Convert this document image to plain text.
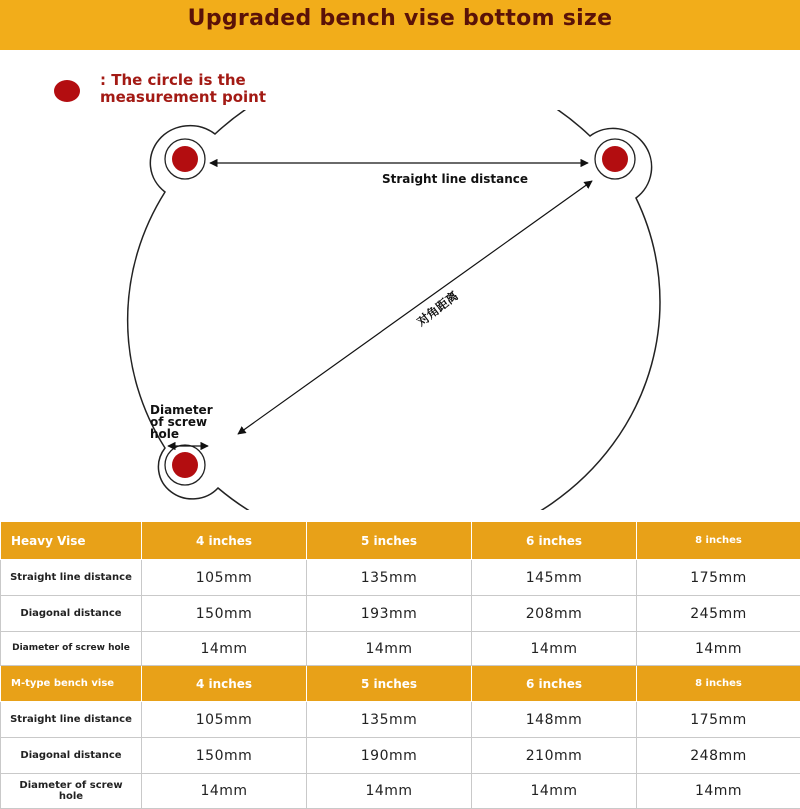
Upgraded bench vise bottom size
: The circle is the measurement point
Straight line distance
对角距离
Diameter
of screw
hole
Heavy Vise	4 inches	5 inches	6 inches	8 inches
Straight line distance	105mm	135mm	145mm	175mm
Diagonal distance	150mm	193mm	208mm	245mm
Diameter of screw hole	14mm	14mm	14mm	14mm
M-type bench vise	4 inches	5 inches	6 inches	8 inches
Straight line distance	105mm	135mm	148mm	175mm
Diagonal distance	150mm	190mm	210mm	248mm
Diameter of screw hole	14mm	14mm	14mm	14mm
